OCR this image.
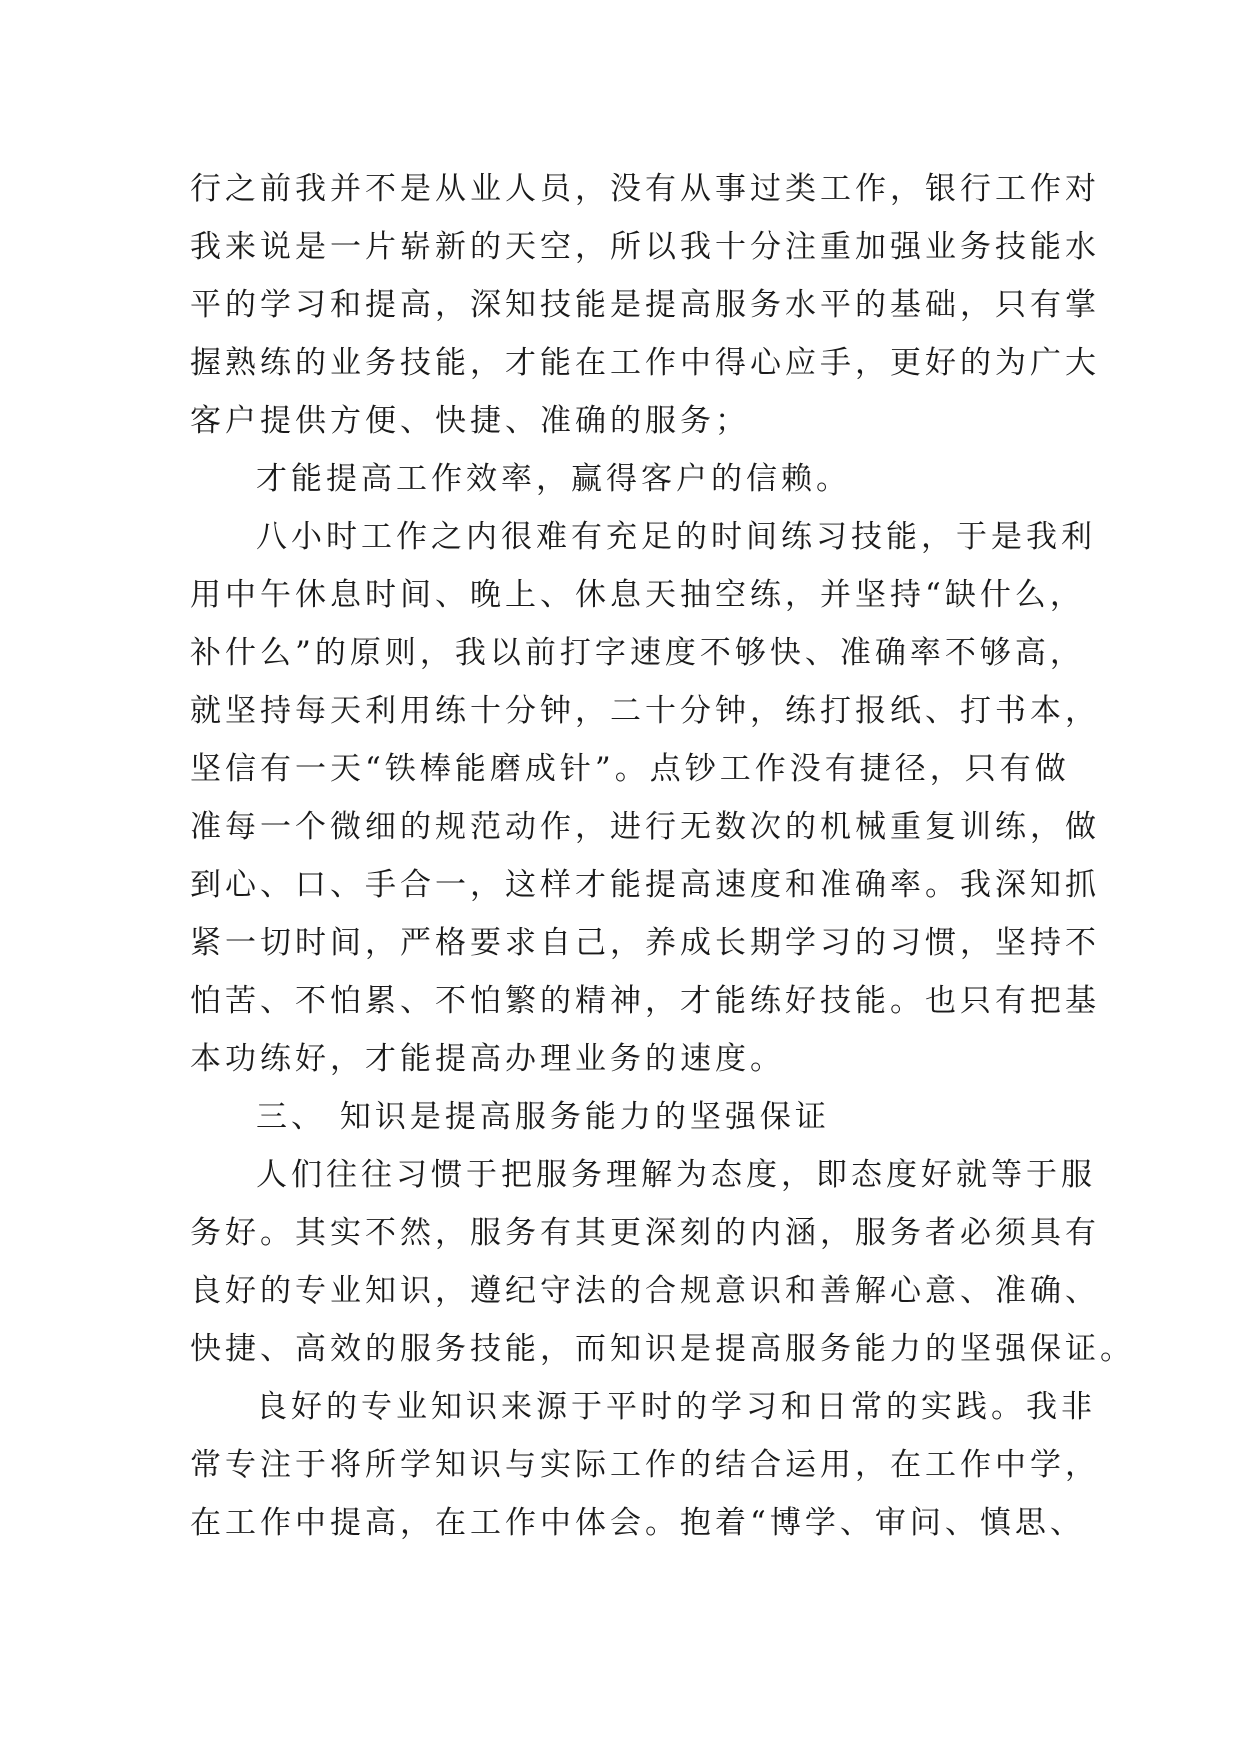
行之前我并不是从业人员，没有从事过类工作，银行工作对
我来说是一片崭新的天空，所以我十分注重加强业务技能水
平的学习和提高，深知技能是提高服务水平的基础，只有掌
握熟练的业务技能，才能在工作中得心应手，更好的为广大
客户提供方便、快捷、准确的服务；
才能提高工作效率，赢得客户的信赖。
八小时工作之内很难有充足的时间练习技能，于是我利
用中午休息时间、晚上、休息天抽空练，并坚持“缺什么，
补什么”的原则，我以前打字速度不够快、准确率不够高，
就坚持每天利用练十分钟，二十分钟，练打报纸、打书本，
坚信有一天“铁棒能磨成针”。点钞工作没有捷径，只有做
准每一个微细的规范动作，进行无数次的机械重复训练，做
到心、口、手合一，这样才能提高速度和准确率。我深知抓
紧一切时间，严格要求自己，养成长期学习的习惯，坚持不
怕苦、不怕累、不怕繁的精神，才能练好技能。也只有把基
本功练好，才能提高办理业务的速度。
三、 知识是提高服务能力的坚强保证
人们往往习惯于把服务理解为态度，即态度好就等于服
务好。其实不然，服务有其更深刻的内涵，服务者必须具有
良好的专业知识，遵纪守法的合规意识和善解心意、准确、
快捷、高效的服务技能，而知识是提高服务能力的坚强保证。
良好的专业知识来源于平时的学习和日常的实践。我非
常专注于将所学知识与实际工作的结合运用，在工作中学，
在工作中提高，在工作中体会。抱着“博学、审问、慎思、
